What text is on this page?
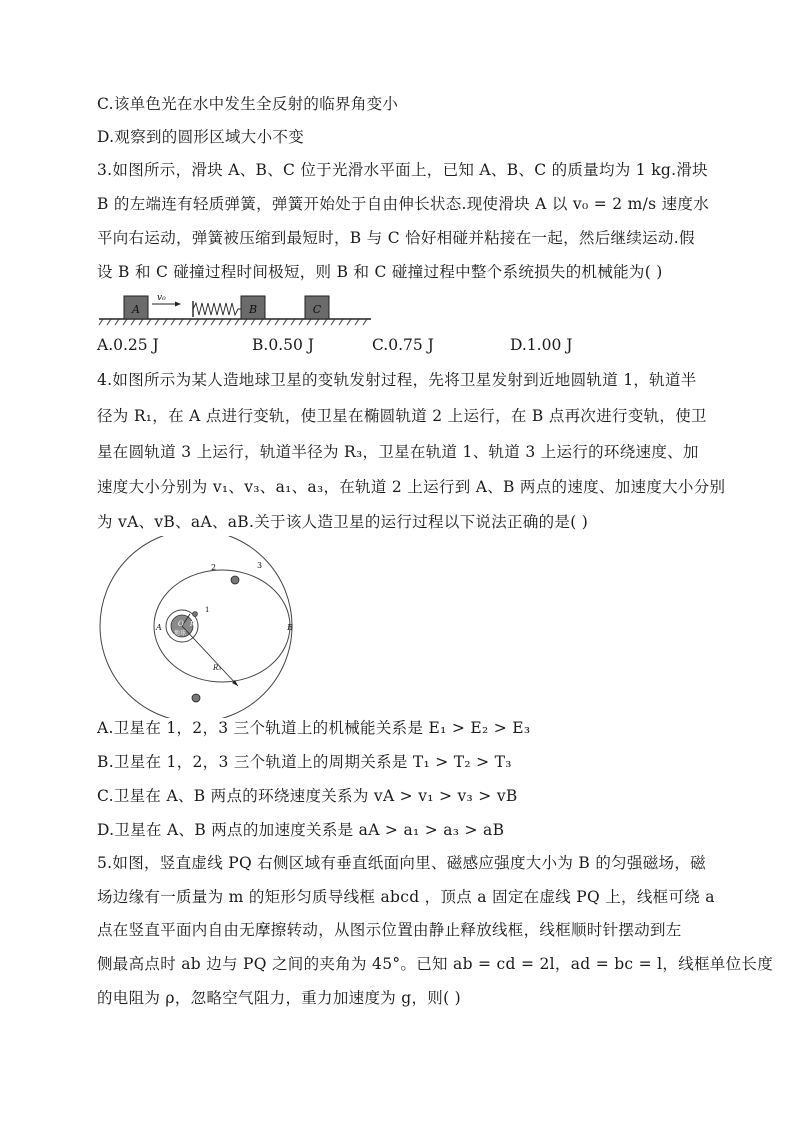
C.该单色光在水中发生全反射的临界角变小
D.观察到的圆形区域大小不变
3.如图所示，滑块 A、B、C 位于光滑水平面上，已知 A、B、C 的质量均为 1 kg.滑块
B 的左端连有轻质弹簧，弹簧开始处于自由伸长状态.现使滑块 A 以 v₀ = 2 m/s 速度水
平向右运动，弹簧被压缩到最短时，B 与 C 恰好相碰并粘接在一起，然后继续运动.假
设 B 和 C 碰撞过程时间极短，则 B 和 C 碰撞过程中整个系统损失的机械能为( )
A
v₀
B	C
A.0.25 J	B.0.50 J	C.0.75 J	D.1.00 J
4.如图所示为某人造地球卫星的变轨发射过程，先将卫星发射到近地圆轨道 1，轨道半
径为 R₁，在 A 点进行变轨，使卫星在椭圆轨道 2 上运行，在 B 点再次进行变轨，使卫
星在圆轨道 3 上运行，轨道半径为 R₃，卫星在轨道 1、轨道 3 上运行的环绕速度、加
速度大小分别为 v₁、v₃、a₁、a₃，在轨道 2 上运行到 A、B 两点的速度、加速度大小分别
为 vA、vB、aA、aB.关于该人造卫星的运行过程以下说法正确的是( )
2	3
1
A	B
O R₁
地球
R₃
A.卫星在 1，2，3 三个轨道上的机械能关系是 E₁ > E₂ > E₃
B.卫星在 1，2，3 三个轨道上的周期关系是 T₁ > T₂ > T₃
C.卫星在 A、B 两点的环绕速度关系为 vA > v₁ > v₃ > vB
D.卫星在 A、B 两点的加速度关系是 aA > a₁ > a₃ > aB
5.如图，竖直虚线 PQ 右侧区域有垂直纸面向里、磁感应强度大小为 B 的匀强磁场，磁
场边缘有一质量为 m 的矩形匀质导线框 abcd ，顶点 a 固定在虚线 PQ 上，线框可绕 a
点在竖直平面内自由无摩擦转动，从图示位置由静止释放线框，线框顺时针摆动到左
侧最高点时 ab 边与 PQ 之间的夹角为 45°。已知 ab = cd = 2l，ad = bc = l，线框单位长度
的电阻为 ρ，忽略空气阻力，重力加速度为 g，则( )
